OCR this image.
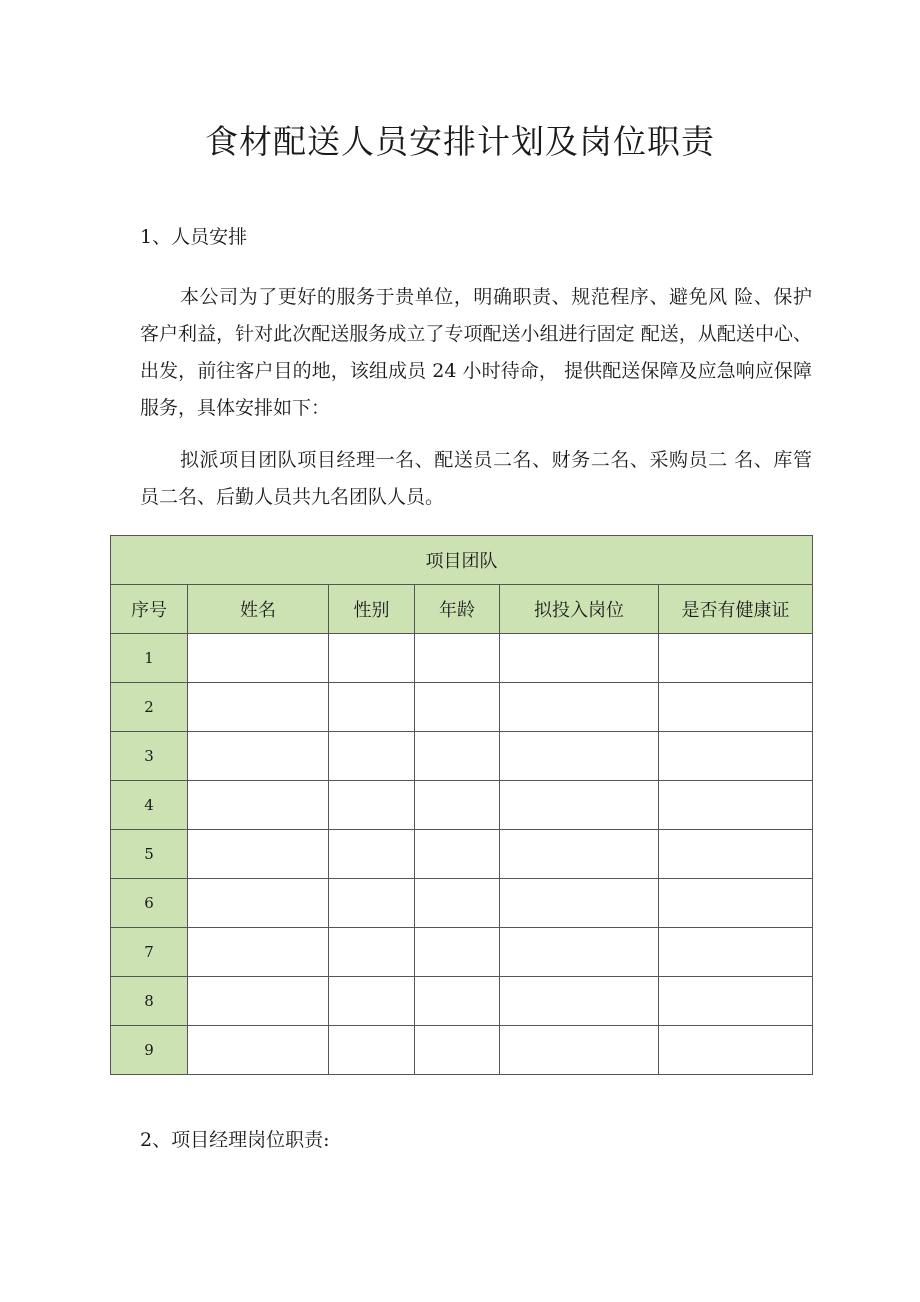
食材配送人员安排计划及岗位职责
1、人员安排

本公司为了更好的服务于贵单位，明确职责、规范程序、避免风 险、保护客户利益，针对此次配送服务成立了专项配送小组进行固定 配送，从配送中心、出发，前往客户目的地，该组成员 24 小时待命， 提供配送保障及应急响应保障服务，具体安排如下：

拟派项目团队项目经理一名、配送员二名、财务二名、采购员二 名、库管员二名、后勤人员共九名团队人员。

项目团队					
序号	姓名	性别	年龄	拟投入岗位	是否有健康证
1					
2					
3					
4					
5					
6					
7					
8					
9					
2、项目经理岗位职责:
